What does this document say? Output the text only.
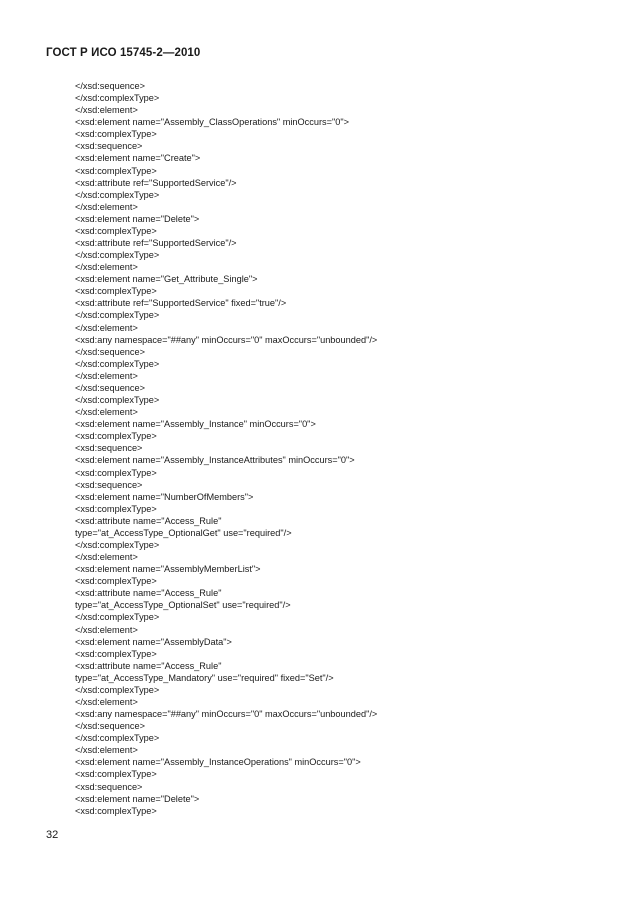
ГОСТ Р ИСО 15745-2—2010
</xsd:sequence>
</xsd:complexType>
</xsd:element>
<xsd:element name="Assembly_ClassOperations" minOccurs="0">
<xsd:complexType>
<xsd:sequence>
<xsd:element name="Create">
<xsd:complexType>
<xsd:attribute ref="SupportedService"/>
</xsd:complexType>
</xsd:element>
<xsd:element name="Delete">
<xsd:complexType>
<xsd:attribute ref="SupportedService"/>
</xsd:complexType>
</xsd:element>
<xsd:element name="Get_Attribute_Single">
<xsd:complexType>
<xsd:attribute ref="SupportedService" fixed="true"/>
</xsd:complexType>
</xsd:element>
<xsd:any namespace="##any" minOccurs="0" maxOccurs="unbounded"/>
</xsd:sequence>
</xsd:complexType>
</xsd:element>
</xsd:sequence>
</xsd:complexType>
</xsd:element>
<xsd:element name="Assembly_Instance" minOccurs="0">
<xsd:complexType>
<xsd:sequence>
<xsd:element name="Assembly_InstanceAttributes" minOccurs="0">
<xsd:complexType>
<xsd:sequence>
<xsd:element name="NumberOfMembers">
<xsd:complexType>
<xsd:attribute name="Access_Rule"
type="at_AccessType_OptionalGet" use="required"/>
</xsd:complexType>
</xsd:element>
<xsd:element name="AssemblyMemberList">
<xsd:complexType>
<xsd:attribute name="Access_Rule"
type="at_AccessType_OptionalSet" use="required"/>
</xsd:complexType>
</xsd:element>
<xsd:element name="AssemblyData">
<xsd:complexType>
<xsd:attribute name="Access_Rule"
type="at_AccessType_Mandatory" use="required" fixed="Set"/>
</xsd:complexType>
</xsd:element>
<xsd:any namespace="##any" minOccurs="0" maxOccurs="unbounded"/>
</xsd:sequence>
</xsd:complexType>
</xsd:element>
<xsd:element name="Assembly_InstanceOperations" minOccurs="0">
<xsd:complexType>
<xsd:sequence>
<xsd:element name="Delete">
<xsd:complexType>
32
